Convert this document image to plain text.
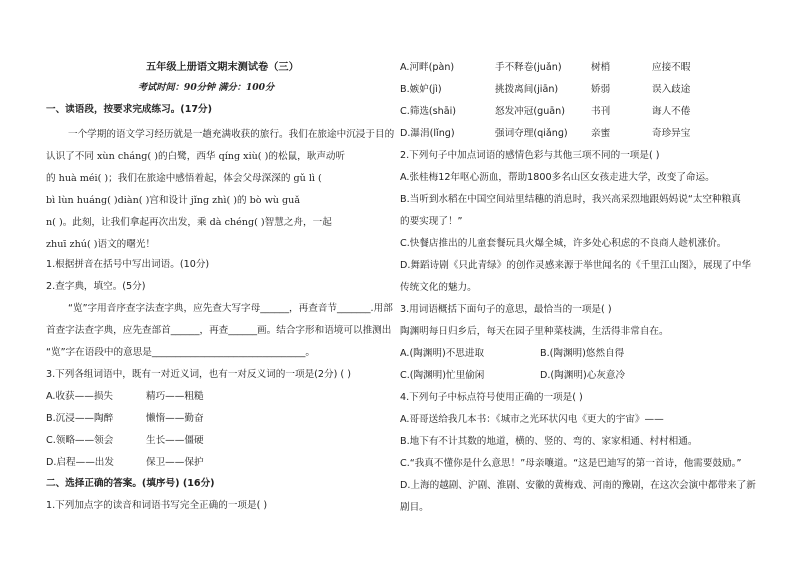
五年级上册语文期末测试卷（三）
考试时间：90分钟 满分：100分
一、读语段，按要求完成练习。(17分)
一个学期的语文学习经历就是一趟充满收获的旅行。我们在旅途中沉浸于目的
认识了不同 xùn chánɡ( )的白鹭，西华 qínɡ xiù( )的松鼠，耿声动听
的 huà méi( )；我们在旅途中感悟着起，体会父母深深的 ɡǔ lì (
bì lùn huánɡ( )diàn( )宫和设计 jǐnɡ zhì( )的 bò wù ɡuǎ
n( )。此刻，让我们拿起再次出发，乘 dà chénɡ( )智慧之舟，一起
zhuī zhú( )语文的曙光！
1.根据拼音在括号中写出词语。(10分)
2.查字典，填空。(5分)
“览”字用音序查字法查字典，应先查大写字母______，再查音节_______.用部
首查字法查字典，应先查部首______，再查______画。结合字形和语境可以推测出
“览”字在语段中的意思是________________________________。
3.下列各组词语中，既有一对近义词，也有一对反义词的一项是(2分) ( )
A.收获——损失	精巧——粗糙
B.沉浸——陶醉	懒惰——勤奋
C.领略——领会	生长——僵硬
D.启程——出发	保卫——保护
二、选择正确的答案。(填序号) (16分)
1.下列加点字的读音和词语书写完全正确的一项是( )
A.河畔(pàn)	手不释卷(juǎn)	树梢	应接不暇
B.嫉妒(jì)	挑拨离间(jiān)	娇弱	误入歧途
C.筛选(shāi)	怒发冲冠(guān)	书刊	诲人不倦
D.瀑涓(lǐnɡ)	强词夺理(qiǎnɡ) 亲蜜	奇珍异宝
2.下列句子中加点词语的感情色彩与其他三项不同的一项是( )
A.张桂梅12年呕心沥血，帮助1800多名山区女孩走进大学，改变了命运。
B.当听到水稻在中国空间站里结穗的消息时，我兴高采烈地跟妈妈说“太空种粮真
的要实现了！”
C.快餐店推出的儿童套餐玩具火爆全城，许多处心积虑的不良商人趁机涨价。
D.舞蹈诗剧《只此青绿》的创作灵感来源于举世闻名的《千里江山图》，展现了中华
传统文化的魅力。
3.用词语概括下面句子的意思，最恰当的一项是( )
陶渊明每日归乡后，每天在园子里种菜枝满，生活得非常自在。
A.(陶渊明)不思进取	B.(陶渊明)悠然自得
C.(陶渊明)忙里偷闲	D.(陶渊明)心灰意冷
4.下列句子中标点符号使用正确的一项是( )
A.哥哥送给我几本书：《城市之光环状闪电《更大的宇宙》——
B.地下有不计其数的地道，横的、竖的、弯的、家家相通、村村相通。
C.“我真不懂你是什么意思！”母亲嚷道。“这是巴迪写的第一首诗，他需要鼓励。”
D.上海的越剧、沪剧、淮剧、安徽的黄梅戏、河南的豫剧，在这次会演中都带来了新
剧目。
